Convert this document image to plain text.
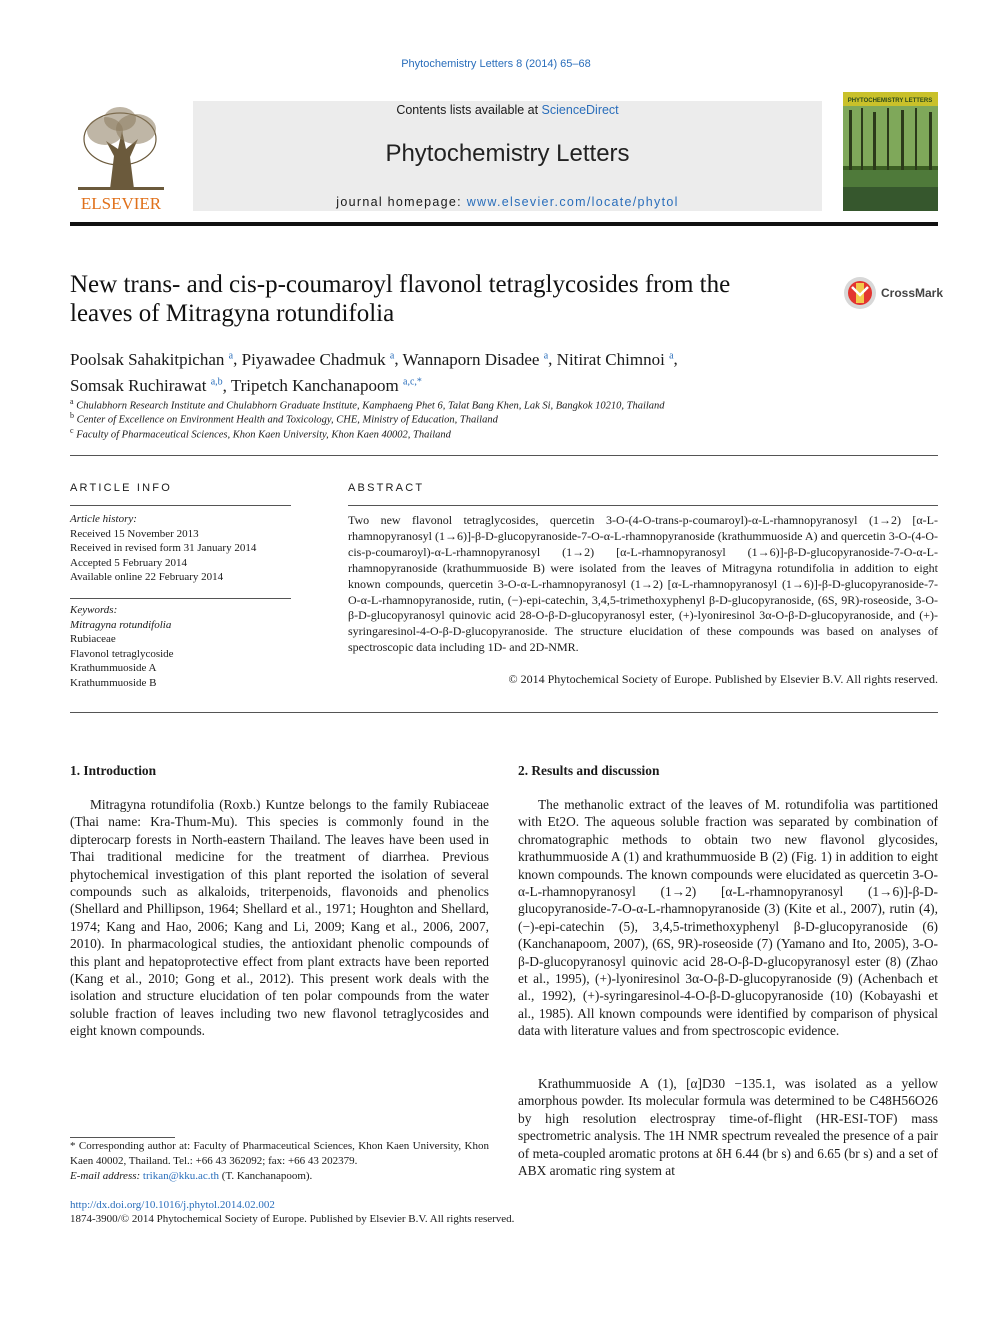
Phytochemistry Letters 8 (2014) 65–68
ELSEVIER
Contents lists available at ScienceDirect
Phytochemistry Letters
journal homepage: www.elsevier.com/locate/phytol
PHYTOCHEMISTRY LETTERS
New trans- and cis-p-coumaroyl flavonol tetraglycosides from the
leaves of Mitragyna rotundifolia
CrossMark
Poolsak Sahakitpichan $^a$, Piyawadee Chadmuk $^a$, Wannaporn Disadee $^a$, Nitirat Chimnoi $^a$,
Somsak Ruchirawat $^{a,b}$, Tripetch Kanchanapoom $^{a,c,*}$
$^a$ Chulabhorn Research Institute and Chulabhorn Graduate Institute, Kamphaeng Phet 6, Talat Bang Khen, Lak Si, Bangkok 10210, Thailand
$^b$ Center of Excellence on Environment Health and Toxicology, CHE, Ministry of Education, Thailand
$^c$ Faculty of Pharmaceutical Sciences, Khon Kaen University, Khon Kaen 40002, Thailand
ARTICLE INFO
Article history:
Received 15 November 2013
Received in revised form 31 January 2014
Accepted 5 February 2014
Available online 22 February 2014
Keywords:
Mitragyna rotundifolia
Rubiaceae
Flavonol tetraglycoside
Krathummuoside A
Krathummuoside B
ABSTRACT
Two new flavonol tetraglycosides, quercetin 3-O-(4-O-trans-p-coumaroyl)-α-L-rhamnopyranosyl (1→2) [α-L-rhamnopyranosyl (1→6)]-β-D-glucopyranoside-7-O-α-L-rhamnopyranoside (krathummuoside A) and quercetin 3-O-(4-O-cis-p-coumaroyl)-α-L-rhamnopyranosyl (1→2) [α-L-rhamnopyranosyl (1→6)]-β-D-glucopyranoside-7-O-α-L-rhamnopyranoside (krathummuoside B) were isolated from the leaves of Mitragyna rotundifolia in addition to eight known compounds, quercetin 3-O-α-L-rhamnopyranosyl (1→2) [α-L-rhamnopyranosyl (1→6)]-β-D-glucopyranoside-7-O-α-L-rhamnopyranoside, rutin, (−)-epi-catechin, 3,4,5-trimethoxyphenyl β-D-glucopyranoside, (6S, 9R)-roseoside, 3-O-β-D-glucopyranosyl quinovic acid 28-O-β-D-glucopyranosyl ester, (+)-lyoniresinol 3α-O-β-D-glucopyranoside, and (+)-syringaresinol-4-O-β-D-glucopyranoside. The structure elucidation of these compounds was based on analyses of spectroscopic data including 1D- and 2D-NMR.
© 2014 Phytochemical Society of Europe. Published by Elsevier B.V. All rights reserved.
1. Introduction
Mitragyna rotundifolia (Roxb.) Kuntze belongs to the family Rubiaceae (Thai name: Kra-Thum-Mu). This species is commonly found in the dipterocarp forests in North-eastern Thailand. The leaves have been used in Thai traditional medicine for the treatment of diarrhea. Previous phytochemical investigation of this plant reported the isolation of several compounds such as alkaloids, triterpenoids, flavonoids and phenolics (Shellard and Phillipson, 1964; Shellard et al., 1971; Houghton and Shellard, 1974; Kang and Hao, 2006; Kang and Li, 2009; Kang et al., 2006, 2007, 2010). In pharmacological studies, the antioxidant phenolic compounds of this plant and hepatoprotective effect from plant extracts have been reported (Kang et al., 2010; Gong et al., 2012). This present work deals with the isolation and structure elucidation of ten polar compounds from the water soluble fraction of leaves including two new flavonol tetraglycosides and eight known compounds.
* Corresponding author at: Faculty of Pharmaceutical Sciences, Khon Kaen University, Khon Kaen 40002, Thailand. Tel.: +66 43 362092; fax: +66 43 202379.
E-mail address: trikan@kku.ac.th (T. Kanchanapoom).
2. Results and discussion
The methanolic extract of the leaves of M. rotundifolia was partitioned with Et2O. The aqueous soluble fraction was separated by combination of chromatographic methods to obtain two new flavonol glycosides, krathummuoside A (1) and krathummuoside B (2) (Fig. 1) in addition to eight known compounds. The known compounds were elucidated as quercetin 3-O-α-L-rhamnopyranosyl (1→2) [α-L-rhamnopyranosyl (1→6)]-β-D-glucopyranoside-7-O-α-L-rhamnopyranoside (3) (Kite et al., 2007), rutin (4), (−)-epi-catechin (5), 3,4,5-trimethoxyphenyl β-D-glucopyranoside (6) (Kanchanapoom, 2007), (6S, 9R)-roseoside (7) (Yamano and Ito, 2005), 3-O-β-D-glucopyranosyl quinovic acid 28-O-β-D-glucopyranosyl ester (8) (Zhao et al., 1995), (+)-lyoniresinol 3α-O-β-D-glucopyranoside (9) (Achenbach et al., 1992), (+)-syringaresinol-4-O-β-D-glucopyranoside (10) (Kobayashi et al., 1985). All known compounds were identified by comparison of physical data with literature values and from spectroscopic evidence.
Krathummuoside A (1), [α]D30 −135.1, was isolated as a yellow amorphous powder. Its molecular formula was determined to be C48H56O26 by high resolution electrospray time-of-flight (HR-ESI-TOF) mass spectrometric analysis. The 1H NMR spectrum revealed the presence of a pair of meta-coupled aromatic protons at δH 6.44 (br s) and 6.65 (br s) and a set of ABX aromatic ring system at
http://dx.doi.org/10.1016/j.phytol.2014.02.002
1874-3900/© 2014 Phytochemical Society of Europe. Published by Elsevier B.V. All rights reserved.
